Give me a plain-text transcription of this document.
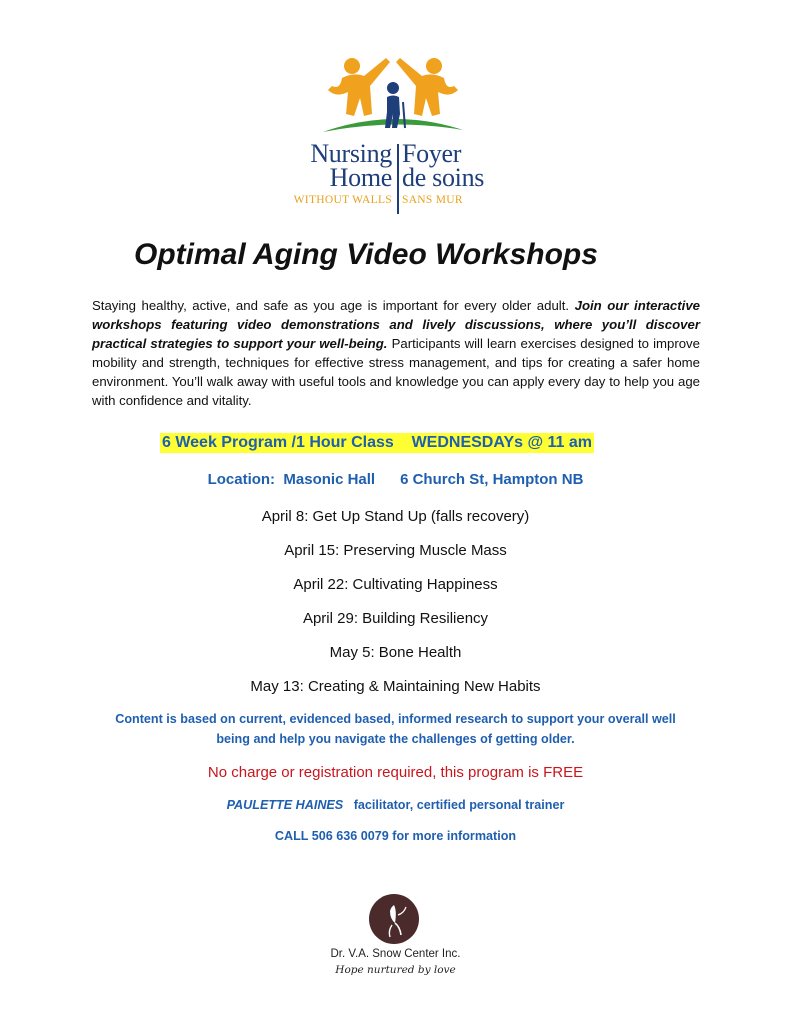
Nursing
Home
WITHOUT WALLS
Foyer
de soins
SANS MUR
Optimal Aging Video Workshops

Staying healthy, active, and safe as you age is important for every older adult. Join our interactive workshops featuring video demonstrations and lively discussions, where you’ll discover practical strategies to support your well-being. Participants will learn exercises designed to improve mobility and strength, techniques for effective stress management, and tips for creating a safer home environment. You’ll walk away with useful tools and knowledge you can apply every day to help you age with confidence and vitality.

6 Week Program /1 Hour Class    WEDNESDAYs @ 11 am

Location:  Masonic Hall      6 Church St, Hampton NB

April 8: Get Up Stand Up (falls recovery)

April 15: Preserving Muscle Mass

April 22: Cultivating Happiness

April 29: Building Resiliency

May 5: Bone Health

May 13: Creating & Maintaining New Habits

Content is based on current, evidenced based, informed research to support your overall well
being and help you navigate the challenges of getting older.

No charge or registration required, this program is FREE

PAULETTE HAINES facilitator, certified personal trainer

CALL 506 636 0079 for more information

Dr. V.A. Snow Center Inc.

Hope nurtured by love
